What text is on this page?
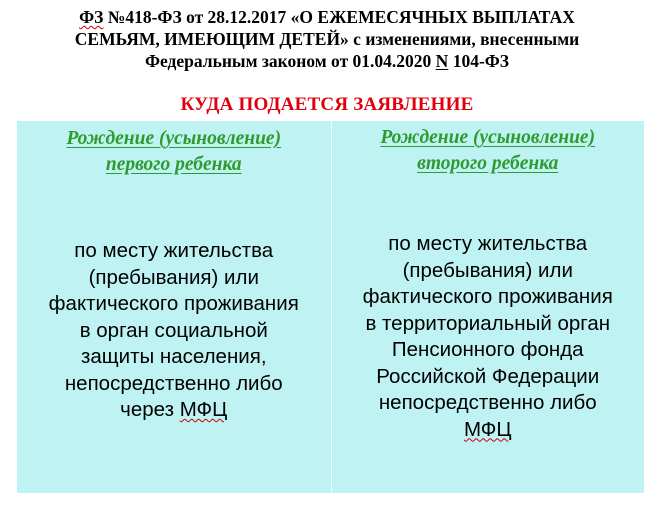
ФЗ №418-ФЗ от 28.12.2017 «О ЕЖЕМЕСЯЧНЫХ ВЫПЛАТАХ
СЕМЬЯМ, ИМЕЮЩИМ ДЕТЕЙ» с изменениями, внесенными
Федеральным законом от 01.04.2020 N 104-ФЗ
КУДА ПОДАЕТСЯ ЗАЯВЛЕНИЕ
Рождение (усыновление)
первого ребенка
по месту жительства
(пребывания) или
фактического проживания
в орган социальной
защиты населения,
непосредственно либо
через МФЦ
Рождение (усыновление)
второго ребенка
по месту жительства
(пребывания) или
фактического проживания
в территориальный орган
Пенсионного фонда
Российской Федерации
непосредственно либо
МФЦ
